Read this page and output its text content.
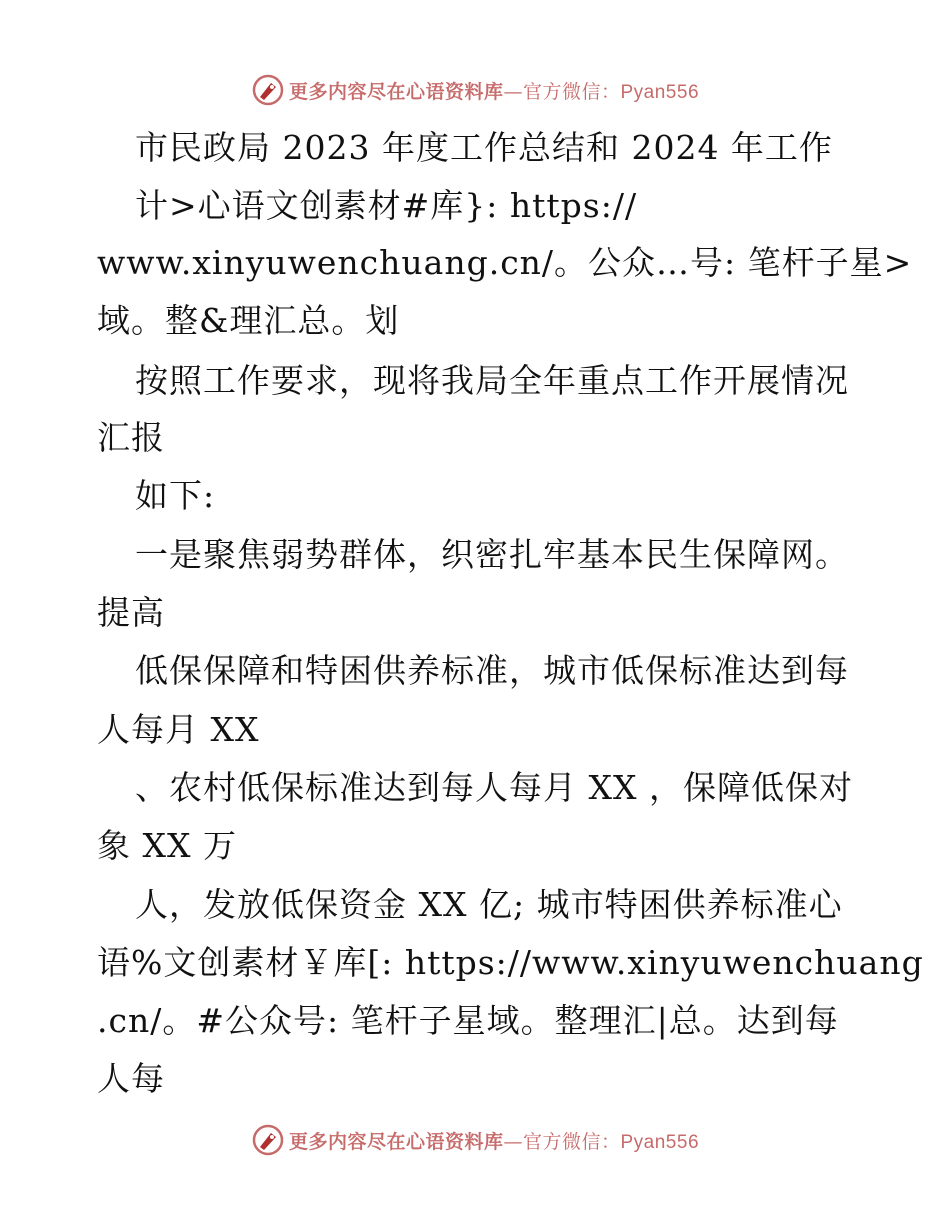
更多内容尽在心语资料库—官方微信：Pyan556
市民政局 2023 年度工作总结和 2024 年工作
计>心语文创素材#库}: https://
www.xinyuwenchuang.cn/。公众…号: 笔杆子星>
域。整&理汇总。划
按照工作要求，现将我局全年重点工作开展情况
汇报
如下:
一是聚焦弱势群体，织密扎牢基本民生保障网。
提高
低保保障和特困供养标准，城市低保标准达到每
人每月 XX
、农村低保标准达到每人每月 XX ，保障低保对
象 XX 万
人，发放低保资金 XX 亿; 城市特困供养标准心
语%文创素材￥库[: https://www.xinyuwenchuang
.cn/。#公众号: 笔杆子星域。整理汇|总。达到每
人每
更多内容尽在心语资料库—官方微信：Pyan556
